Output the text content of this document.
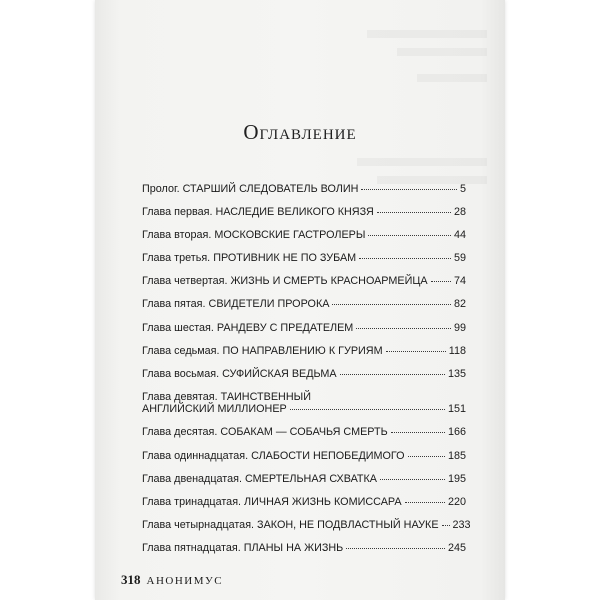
Оглавление
Пролог. СТАРШИЙ СЛЕДОВАТЕЛЬ ВОЛИН	5
Глава первая. НАСЛЕДИЕ ВЕЛИКОГО КНЯЗЯ	28
Глава вторая. МОСКОВСКИЕ ГАСТРОЛЕРЫ	44
Глава третья. ПРОТИВНИК НЕ ПО ЗУБАМ	59
Глава четвертая. ЖИЗНЬ И СМЕРТЬ КРАСНОАРМЕЙЦА 74
Глава пятая. СВИДЕТЕЛИ ПРОРОКА	82
Глава шестая. РАНДЕВУ С ПРЕДАТЕЛЕМ	99
Глава седьмая. ПО НАПРАВЛЕНИЮ К ГУРИЯМ	118
Глава восьмая. СУФИЙСКАЯ ВЕДЬМА	135
Глава девятая. ТАИНСТВЕННЫЙ
АНГЛИЙСКИЙ МИЛЛИОНЕР	151
Глава десятая. СОБАКАМ — СОБАЧЬЯ СМЕРТЬ	166
Глава одиннадцатая. СЛАБОСТИ НЕПОБЕДИМОГО	185
Глава двенадцатая. СМЕРТЕЛЬНАЯ СХВАТКА	195
Глава тринадцатая. ЛИЧНАЯ ЖИЗНЬ КОМИССАРА	220
Глава четырнадцатая. ЗАКОН, НЕ ПОДВЛАСТНЫЙ НАУКЕ 233
Глава пятнадцатая. ПЛАНЫ НА ЖИЗНЬ	245
318 АНОНИМУС
